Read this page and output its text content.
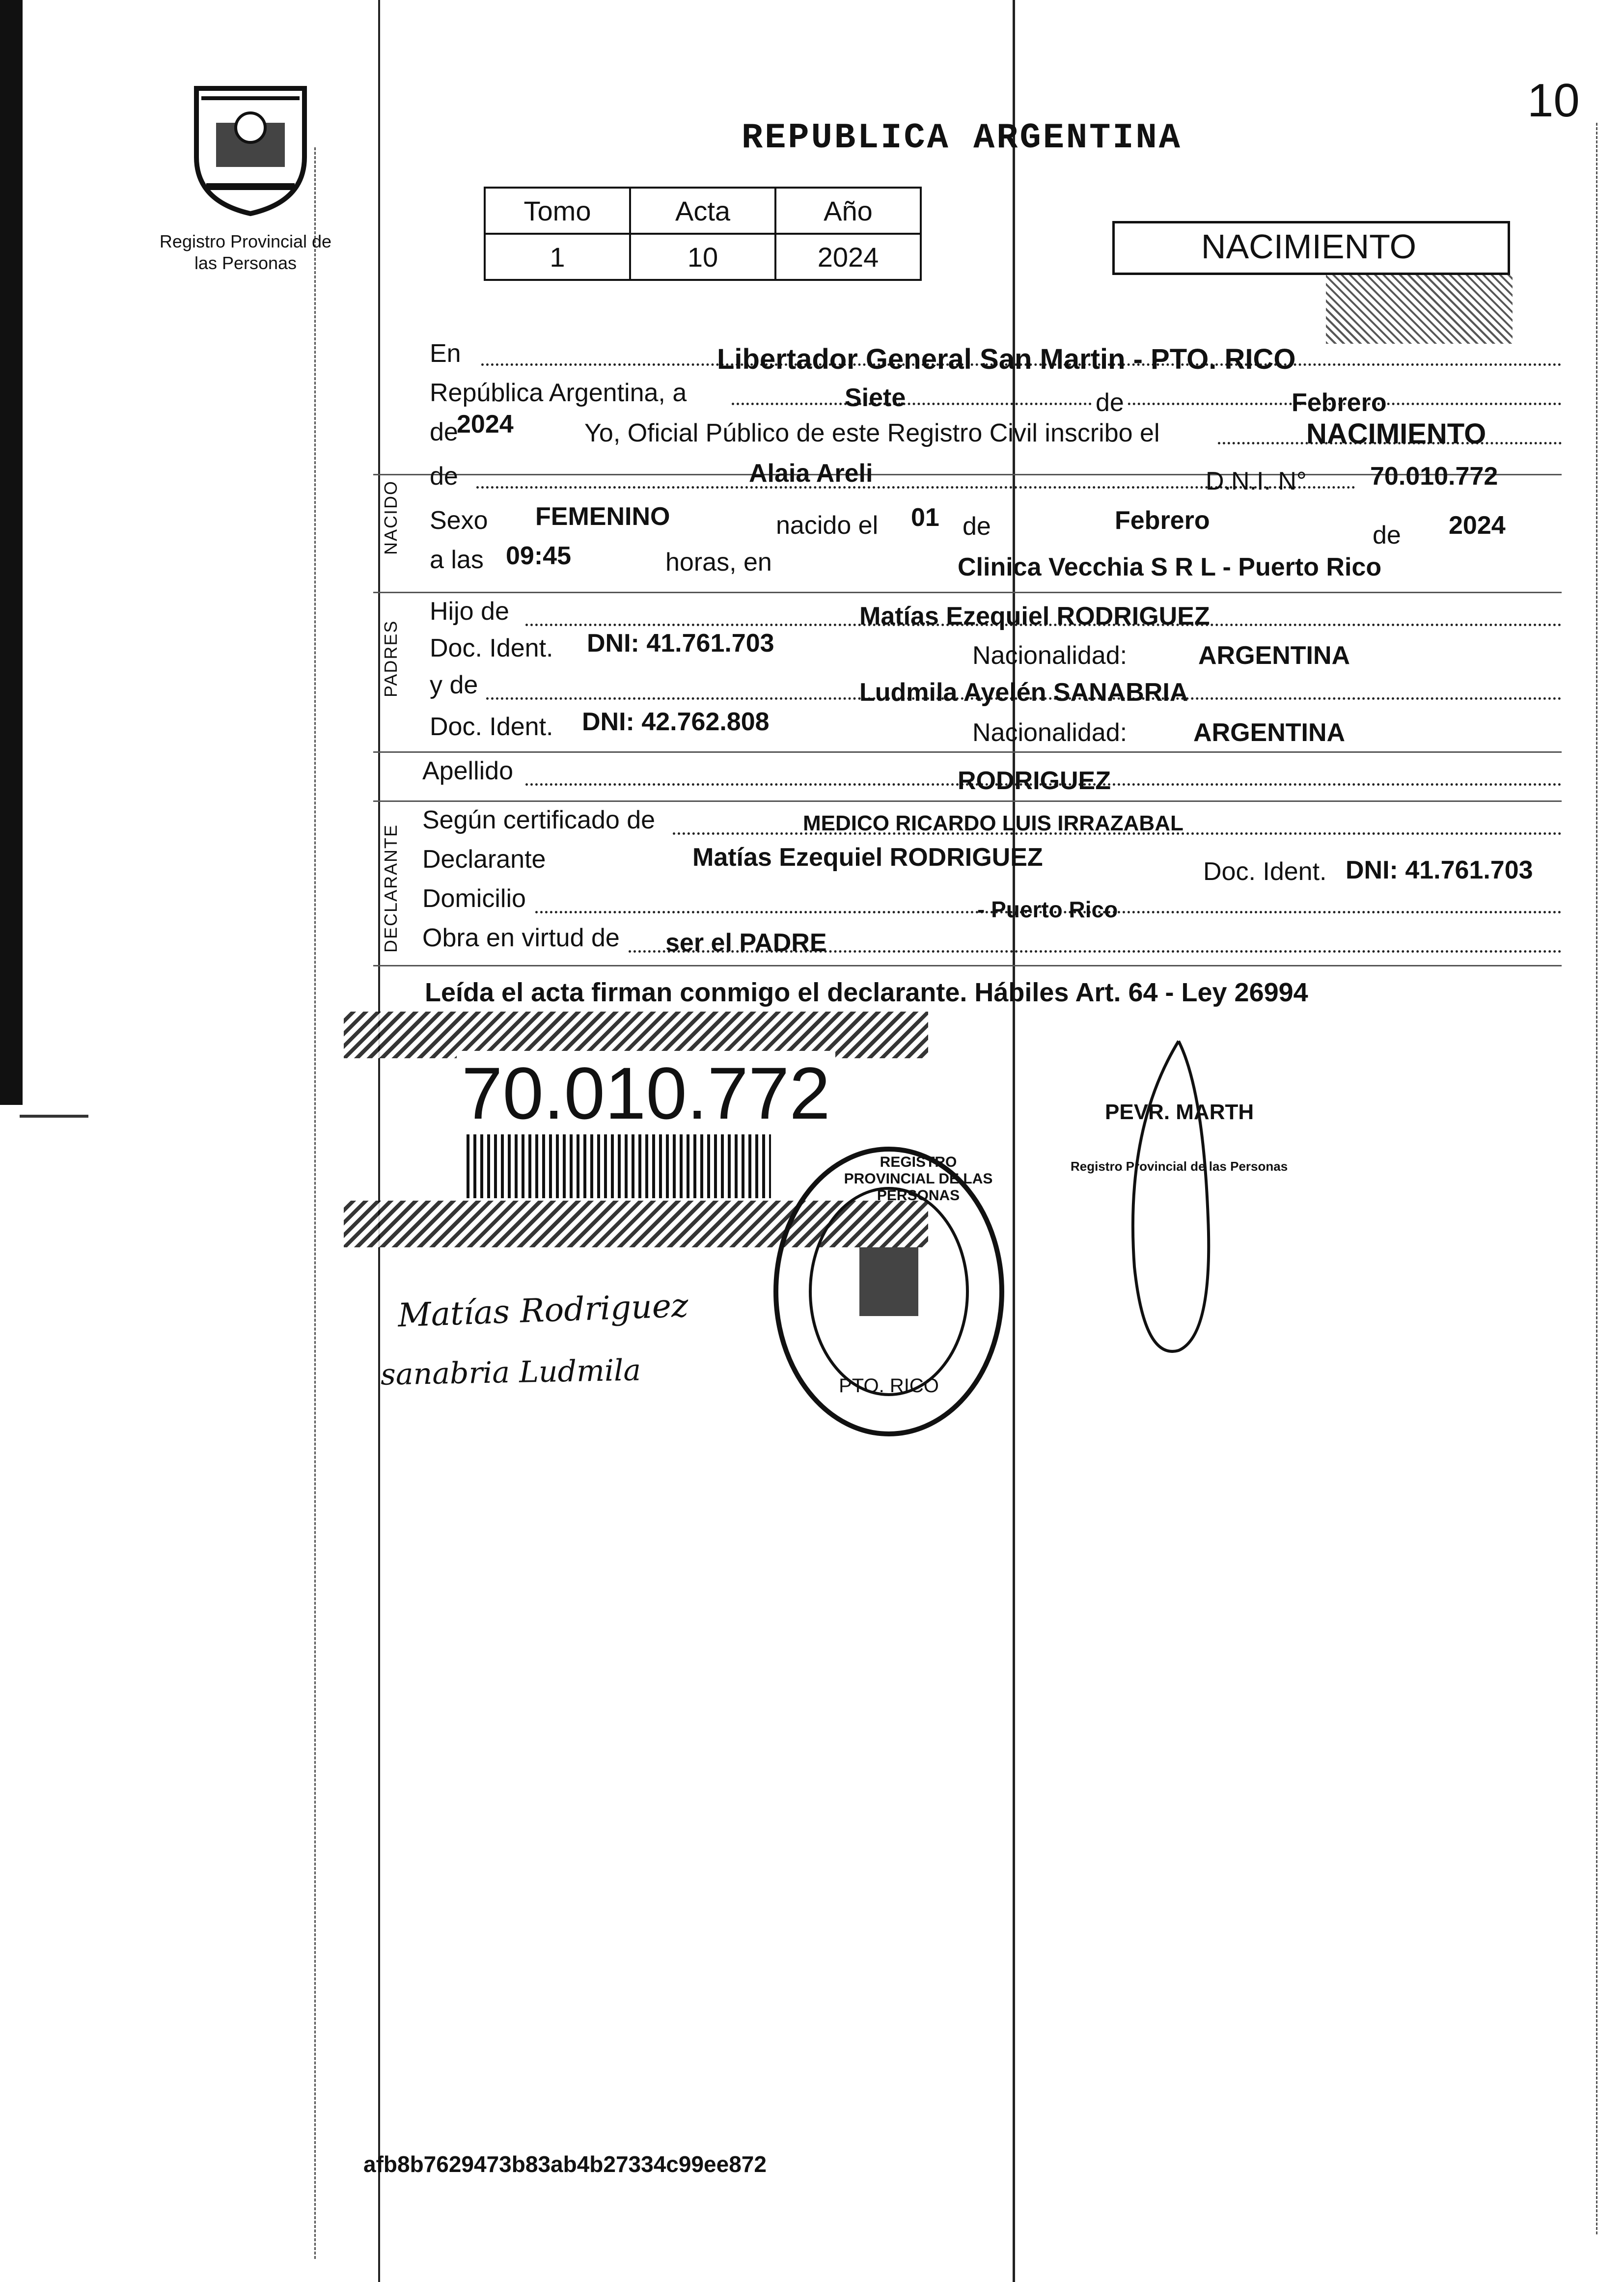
Registro Provincial de las Personas
10
REPUBLICA ARGENTINA
Tomo	Acta	Año
1	10	2024	NACIMIENTO
En	Libertador General San Martin - PTO. RICO
República Argentina, a	Siete	de	Febrero
de
2024	Yo, Oficial Público de este Registro Civil inscribo el	NACIMIENTO
NACIDO
de	Alaia Areli	D.N.I. N° 70.010.772
Sexo FEMENINO	nacido el 01 de	Febrero
de 2024
a las 09:45	horas, en	Clinica Vecchia S R L - Puerto Rico
PADRES
Hijo de	Matías Ezequiel RODRIGUEZ
Doc. Ident. DNI: 41.761.703	Nacionalidad:	ARGENTINA
y de	Ludmila Ayelén SANABRIA
Doc. Ident. DNI: 42.762.808	Nacionalidad:	ARGENTINA
Apellido	RODRIGUEZ
DECLARANTE
Según certificado de	MEDICO RICARDO LUIS IRRAZABAL
Declarante	Matías Ezequiel RODRIGUEZ	Doc. Ident. DNI: 41.761.703
Domicilio	- Puerto Rico
Obra en virtud de ser el PADRE
Leída el acta firman conmigo el declarante. Hábiles Art. 64 - Ley 26994
70.010.772
REGISTRO PROVINCIAL DE LAS PERSONAS
PTO. RICO
PEVR. MARTH
Registro Provincial de las Personas
Matías Rodriguez
sanabria Ludmila
afb8b7629473b83ab4b27334c99ee872
